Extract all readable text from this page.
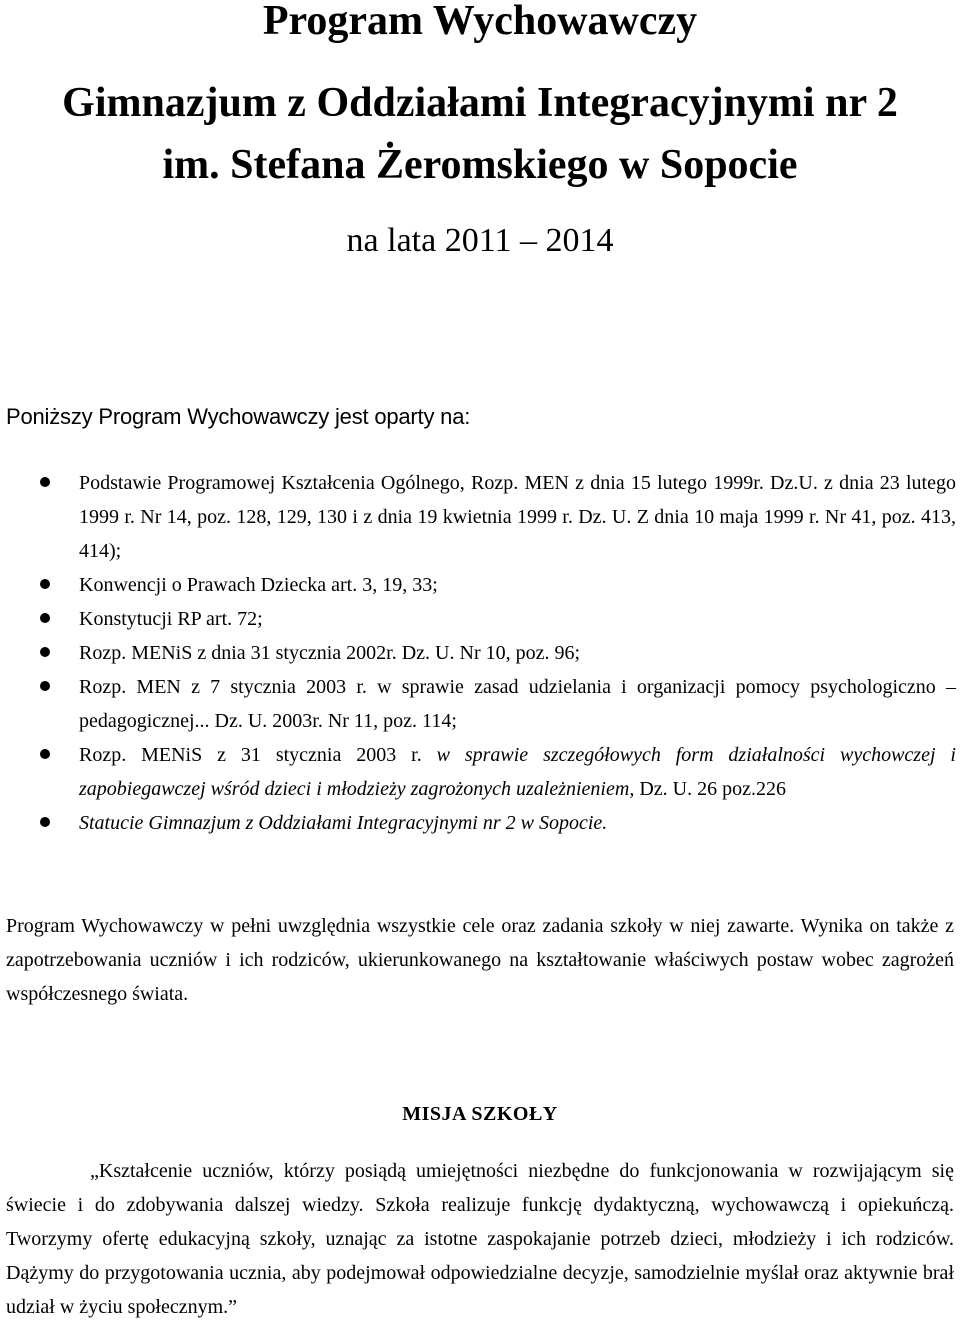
Program Wychowawczy
Gimnazjum z Oddziałami Integracyjnymi nr 2
im. Stefana Żeromskiego w Sopocie
na lata 2011 – 2014

Poniższy Program Wychowawczy jest oparty na:

Podstawie Programowej Kształcenia Ogólnego, Rozp. MEN z dnia 15 lutego 1999r. Dz.U. z dnia 23 lutego 1999 r. Nr 14, poz. 128, 129, 130 i z dnia 19 kwietnia 1999 r. Dz. U. Z dnia 10 maja 1999 r. Nr 41, poz. 413, 414);
Konwencji o Prawach Dziecka art. 3, 19, 33;
Konstytucji RP art. 72;
Rozp. MENiS z dnia 31 stycznia 2002r. Dz. U. Nr 10, poz. 96;
Rozp. MEN z 7 stycznia 2003 r. w sprawie zasad udzielania i organizacji pomocy psychologiczno – pedagogicznej... Dz. U. 2003r. Nr 11, poz. 114;
Rozp. MENiS z 31 stycznia 2003 r. w sprawie szczegółowych form działalności wychowczej i zapobiegawczej wśród dzieci i młodzieży zagrożonych uzależnieniem, Dz. U. 26 poz.226
Statucie Gimnazjum z Oddziałami Integracyjnymi nr 2 w Sopocie.

Program Wychowawczy w pełni uwzględnia wszystkie cele oraz zadania szkoły w niej zawarte. Wynika on także z zapotrzebowania uczniów i ich rodziców, ukierunkowanego na kształtowanie właściwych postaw wobec zagrożeń współczesnego świata.

MISJA SZKOŁY

„Kształcenie uczniów, którzy posiądą umiejętności niezbędne do funkcjonowania w rozwijającym się świecie i do zdobywania dalszej wiedzy. Szkoła realizuje funkcję dydaktyczną, wychowawczą i opiekuńczą. Tworzymy ofertę edukacyjną szkoły, uznając za istotne zaspokajanie potrzeb dzieci, młodzieży i ich rodziców. Dążymy do przygotowania ucznia, aby podejmował odpowiedzialne decyzje, samodzielnie myślał oraz aktywnie brał udział w życiu społecznym.”
